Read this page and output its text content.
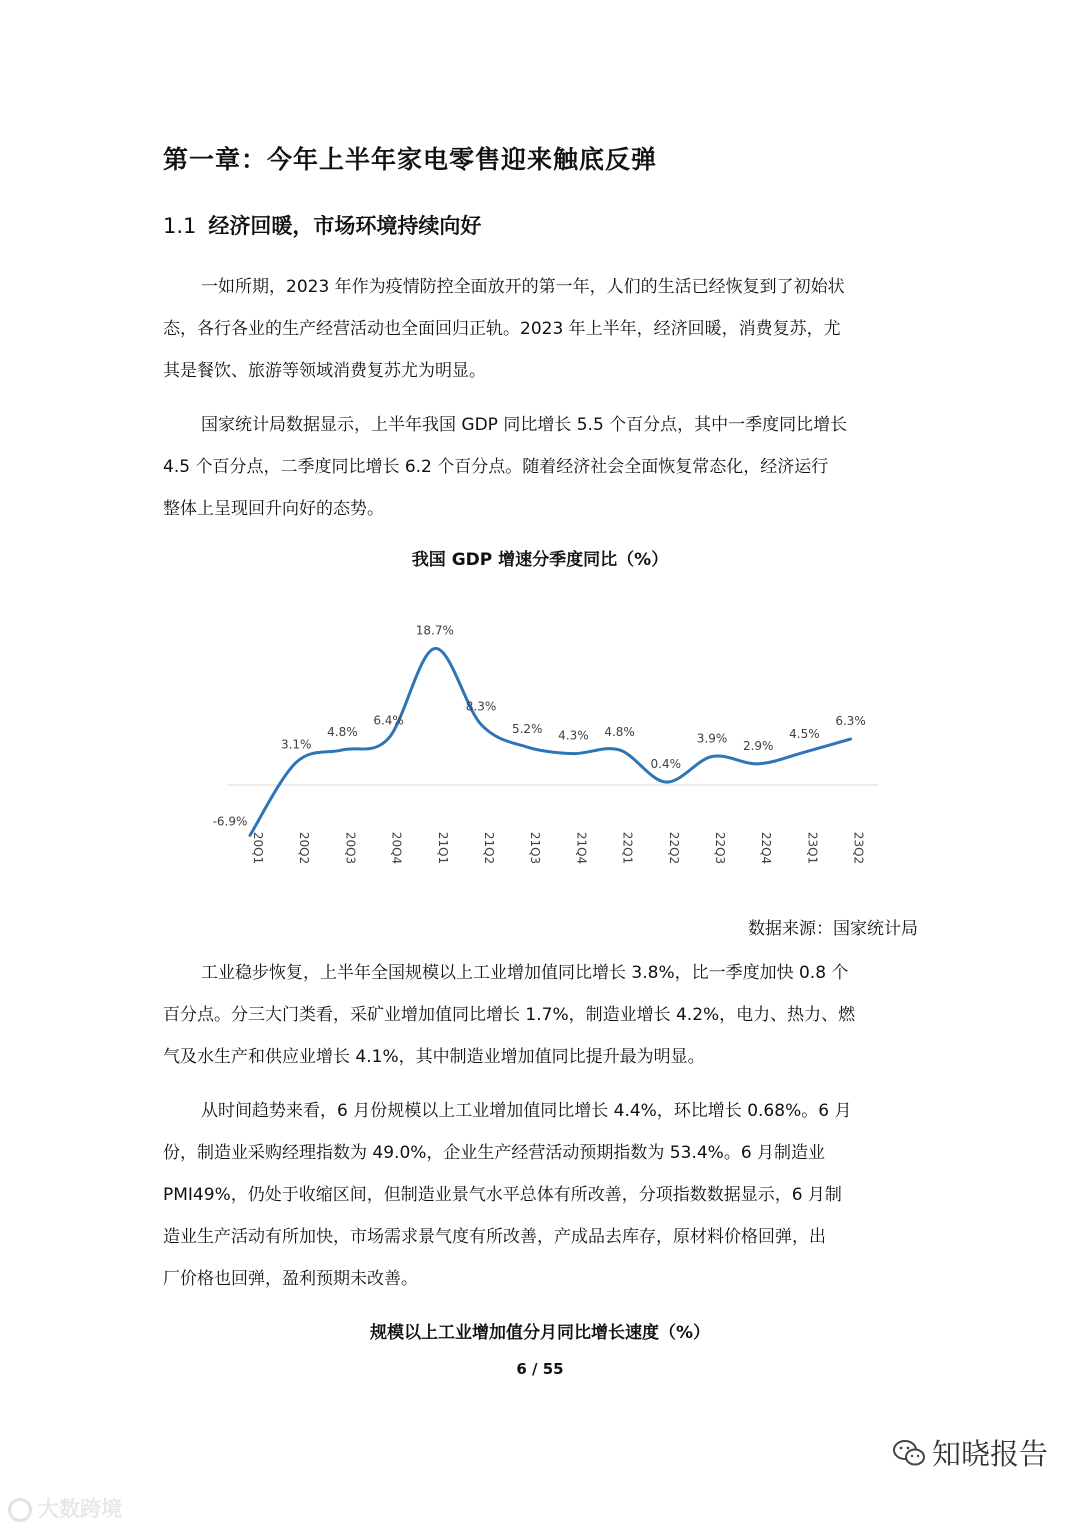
第一章：今年上半年家电零售迎来触底反弹
1.1 经济回暖，市场环境持续向好
一如所期，2023 年作为疫情防控全面放开的第一年，人们的生活已经恢复到了初始状
态，各行各业的生产经营活动也全面回归正轨。2023 年上半年，经济回暖，消费复苏，尤
其是餐饮、旅游等领域消费复苏尤为明显。
国家统计局数据显示，上半年我国 GDP 同比增长 5.5 个百分点，其中一季度同比增长
4.5 个百分点，二季度同比增长 6.2 个百分点。随着经济社会全面恢复常态化，经济运行
整体上呈现回升向好的态势。
我国 GDP 增速分季度同比（%）
-6.9%
20Q1
3.1%
20Q2
4.8%
20Q3
6.4%
20Q4
18.7%
21Q1
8.3%
21Q2
5.2%
21Q3
4.3%
21Q4
4.8%
22Q1
0.4%
22Q2
3.9%
22Q3
2.9%
22Q4
4.5%
23Q1
6.3%
23Q2
数据来源：国家统计局
工业稳步恢复，上半年全国规模以上工业增加值同比增长 3.8%，比一季度加快 0.8 个
百分点。分三大门类看，采矿业增加值同比增长 1.7%，制造业增长 4.2%，电力、热力、燃
气及水生产和供应业增长 4.1%，其中制造业增加值同比提升最为明显。
从时间趋势来看，6 月份规模以上工业增加值同比增长 4.4%，环比增长 0.68%。6 月
份，制造业采购经理指数为 49.0%，企业生产经营活动预期指数为 53.4%。6 月制造业
PMI49%，仍处于收缩区间，但制造业景气水平总体有所改善，分项指数数据显示，6 月制
造业生产活动有所加快，市场需求景气度有所改善，产成品去库存，原材料价格回弹，出
厂价格也回弹，盈利预期未改善。
规模以上工业增加值分月同比增长速度（%）
6 / 55
大数跨境
知晓报告
